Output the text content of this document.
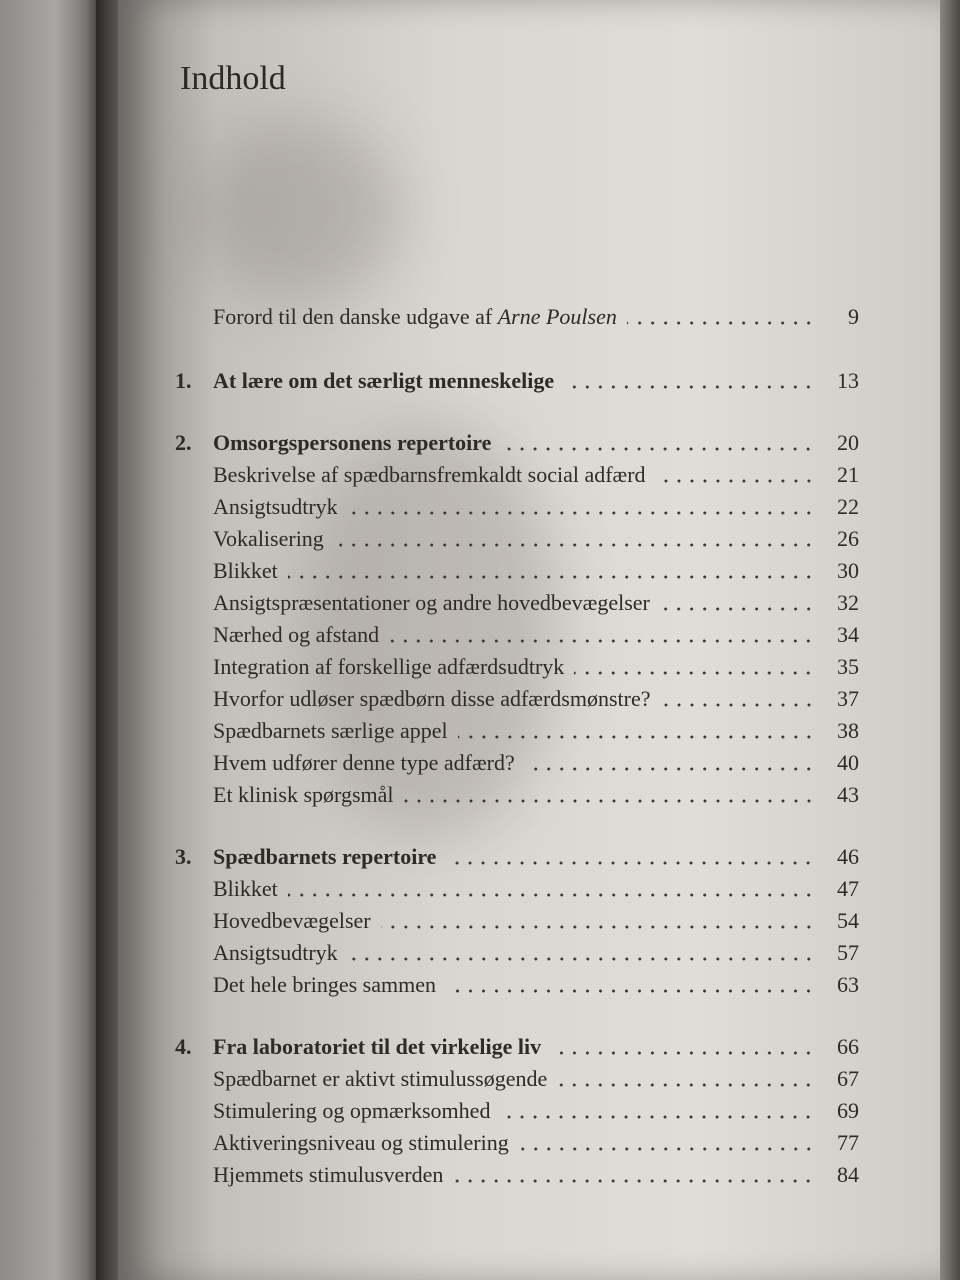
Indhold
Forord til den danske udgave af Arne Poulsen	9
1. At lære om det særligt menneskelige	13
2. Omsorgspersonens repertoire	20
Beskrivelse af spædbarnsfremkaldt social adfærd	21
Ansigtsudtryk	22
Vokalisering	26
Blikket	30
Ansigtspræsentationer og andre hovedbevægelser	32
Nærhed og afstand	34
Integration af forskellige adfærdsudtryk	35
Hvorfor udløser spædbørn disse adfærdsmønstre?	37
Spædbarnets særlige appel	38
Hvem udfører denne type adfærd?	40
Et klinisk spørgsmål	43
3. Spædbarnets repertoire	46
Blikket	47
Hovedbevægelser	54
Ansigtsudtryk	57
Det hele bringes sammen	63
4. Fra laboratoriet til det virkelige liv	66
Spædbarnet er aktivt stimulussøgende	67
Stimulering og opmærksomhed	69
Aktiveringsniveau og stimulering	77
Hjemmets stimulusverden	84
